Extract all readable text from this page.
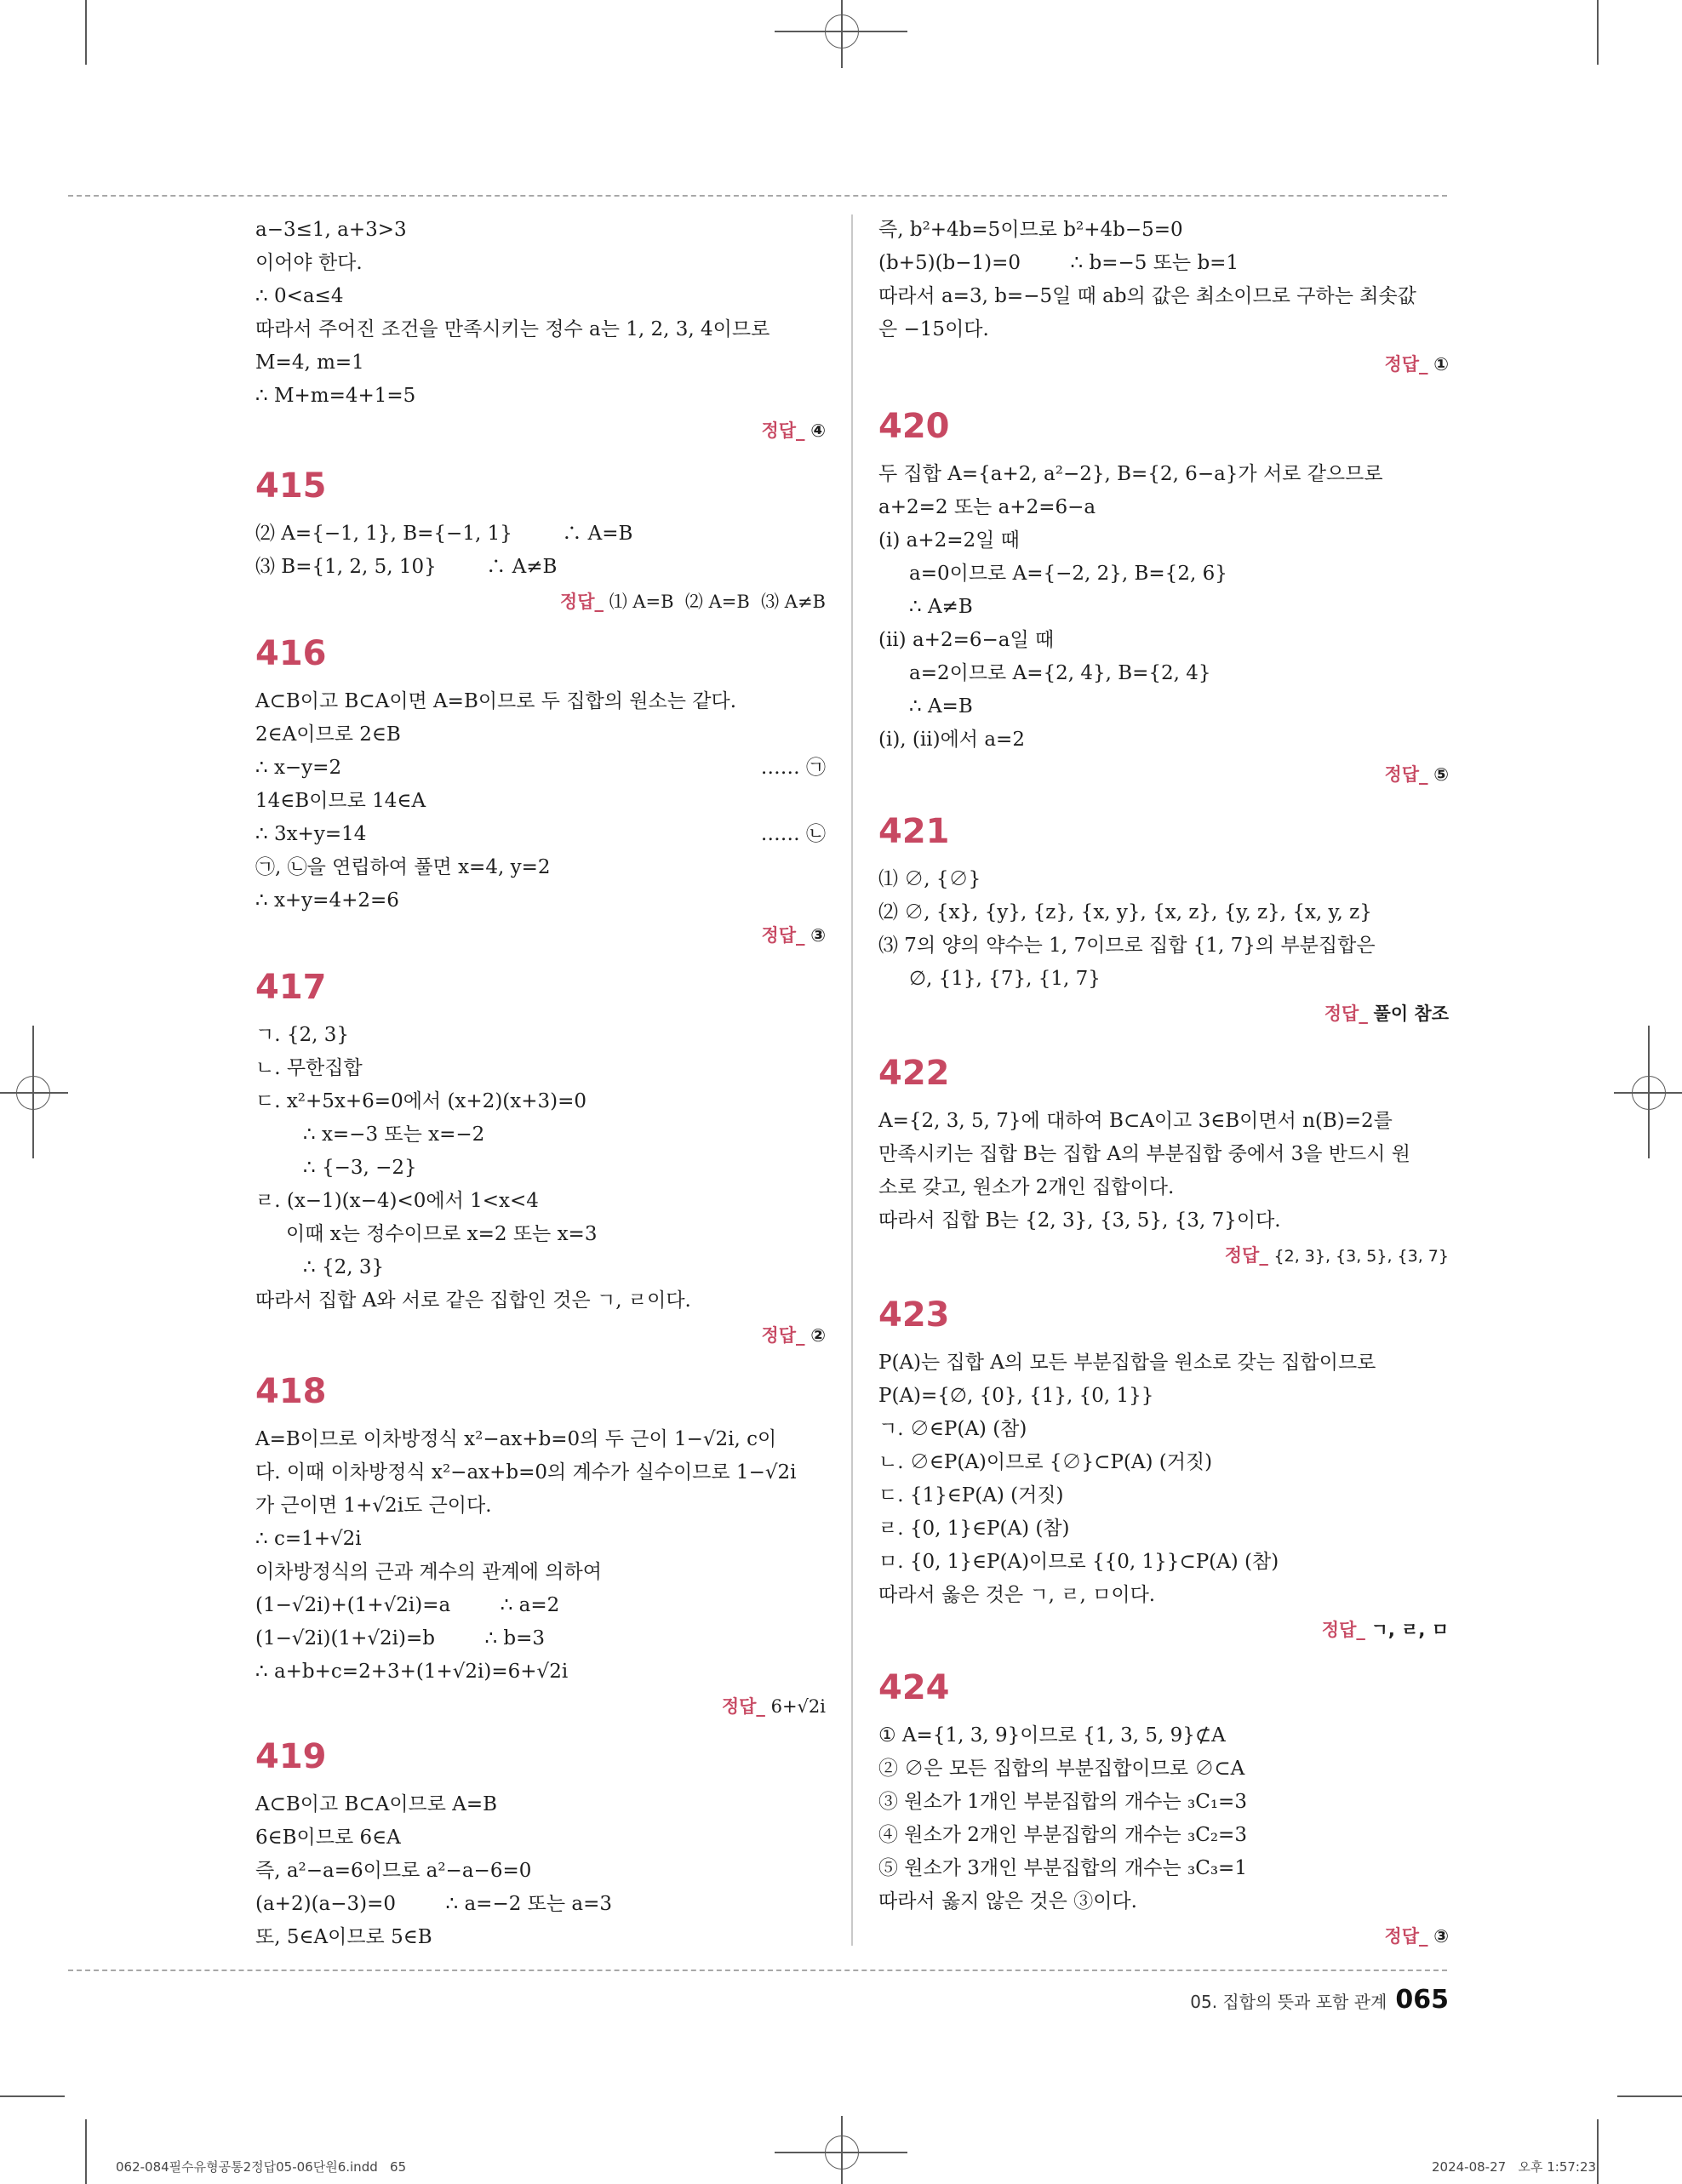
a−3≤1, a+3>3
이어야 한다.
∴ 0<a≤4
따라서 주어진 조건을 만족시키는 정수 a는 1, 2, 3, 4이므로
M=4, m=1
∴ M+m=4+1=5
정답_ ④
415
⑵ A={−1, 1}, B={−1, 1}        ∴ A=B
⑶ B={1, 2, 5, 10}        ∴ A≠B
정답_ ⑴ A=B  ⑵ A=B  ⑶ A≠B
416
A⊂B이고 B⊂A이면 A=B이므로 두 집합의 원소는 같다.
2∈A이므로 2∈B
∴ x−y=2	…… ㉠
14∈B이므로 14∈A
∴ 3x+y=14	…… ㉡
㉠, ㉡을 연립하여 풀면 x=4, y=2
∴ x+y=4+2=6
정답_ ③
417
ㄱ. {2, 3}
ㄴ. 무한집합
ㄷ. x²+5x+6=0에서 (x+2)(x+3)=0
∴ x=−3 또는 x=−2
∴ {−3, −2}
ㄹ. (x−1)(x−4)<0에서 1<x<4
이때 x는 정수이므로 x=2 또는 x=3
∴ {2, 3}
따라서 집합 A와 서로 같은 집합인 것은 ㄱ, ㄹ이다.
정답_ ②
418
A=B이므로 이차방정식 x²−ax+b=0의 두 근이 1−√2i, c이
다. 이때 이차방정식 x²−ax+b=0의 계수가 실수이므로 1−√2i
가 근이면 1+√2i도 근이다.
∴ c=1+√2i
이차방정식의 근과 계수의 관계에 의하여
(1−√2i)+(1+√2i)=a        ∴ a=2
(1−√2i)(1+√2i)=b        ∴ b=3
∴ a+b+c=2+3+(1+√2i)=6+√2i
정답_ 6+√2i
419
A⊂B이고 B⊂A이므로 A=B
6∈B이므로 6∈A
즉, a²−a=6이므로 a²−a−6=0
(a+2)(a−3)=0        ∴ a=−2 또는 a=3
또, 5∈A이므로 5∈B
즉, b²+4b=5이므로 b²+4b−5=0
(b+5)(b−1)=0        ∴ b=−5 또는 b=1
따라서 a=3, b=−5일 때 ab의 값은 최소이므로 구하는 최솟값
은 −15이다.
정답_ ①
420
두 집합 A={a+2, a²−2}, B={2, 6−a}가 서로 같으므로
a+2=2 또는 a+2=6−a
(ⅰ) a+2=2일 때
a=0이므로 A={−2, 2}, B={2, 6}
∴ A≠B
(ⅱ) a+2=6−a일 때
a=2이므로 A={2, 4}, B={2, 4}
∴ A=B
(ⅰ), (ⅱ)에서 a=2
정답_ ⑤
421
⑴ ∅, {∅}
⑵ ∅, {x}, {y}, {z}, {x, y}, {x, z}, {y, z}, {x, y, z}
⑶ 7의 양의 약수는 1, 7이므로 집합 {1, 7}의 부분집합은
∅, {1}, {7}, {1, 7}
정답_ 풀이 참조
422
A={2, 3, 5, 7}에 대하여 B⊂A이고 3∈B이면서 n(B)=2를
만족시키는 집합 B는 집합 A의 부분집합 중에서 3을 반드시 원
소로 갖고, 원소가 2개인 집합이다.
따라서 집합 B는 {2, 3}, {3, 5}, {3, 7}이다.
정답_ {2, 3}, {3, 5}, {3, 7}
423
P(A)는 집합 A의 모든 부분집합을 원소로 갖는 집합이므로
P(A)={∅, {0}, {1}, {0, 1}}
ㄱ. ∅∈P(A) (참)
ㄴ. ∅∈P(A)이므로 {∅}⊂P(A) (거짓)
ㄷ. {1}∈P(A) (거짓)
ㄹ. {0, 1}∈P(A) (참)
ㅁ. {0, 1}∈P(A)이므로 {{0, 1}}⊂P(A) (참)
따라서 옳은 것은 ㄱ, ㄹ, ㅁ이다.
정답_ ㄱ, ㄹ, ㅁ
424
① A={1, 3, 9}이므로 {1, 3, 5, 9}⊄A
② ∅은 모든 집합의 부분집합이므로 ∅⊂A
③ 원소가 1개인 부분집합의 개수는 ₃C₁=3
④ 원소가 2개인 부분집합의 개수는 ₃C₂=3
⑤ 원소가 3개인 부분집합의 개수는 ₃C₃=1
따라서 옳지 않은 것은 ③이다.
정답_ ③
05. 집합의 뜻과 포함 관계 065
062-084필수유형공통2정답05-06단원6.indd   65	2024-08-27   오후 1:57:23
